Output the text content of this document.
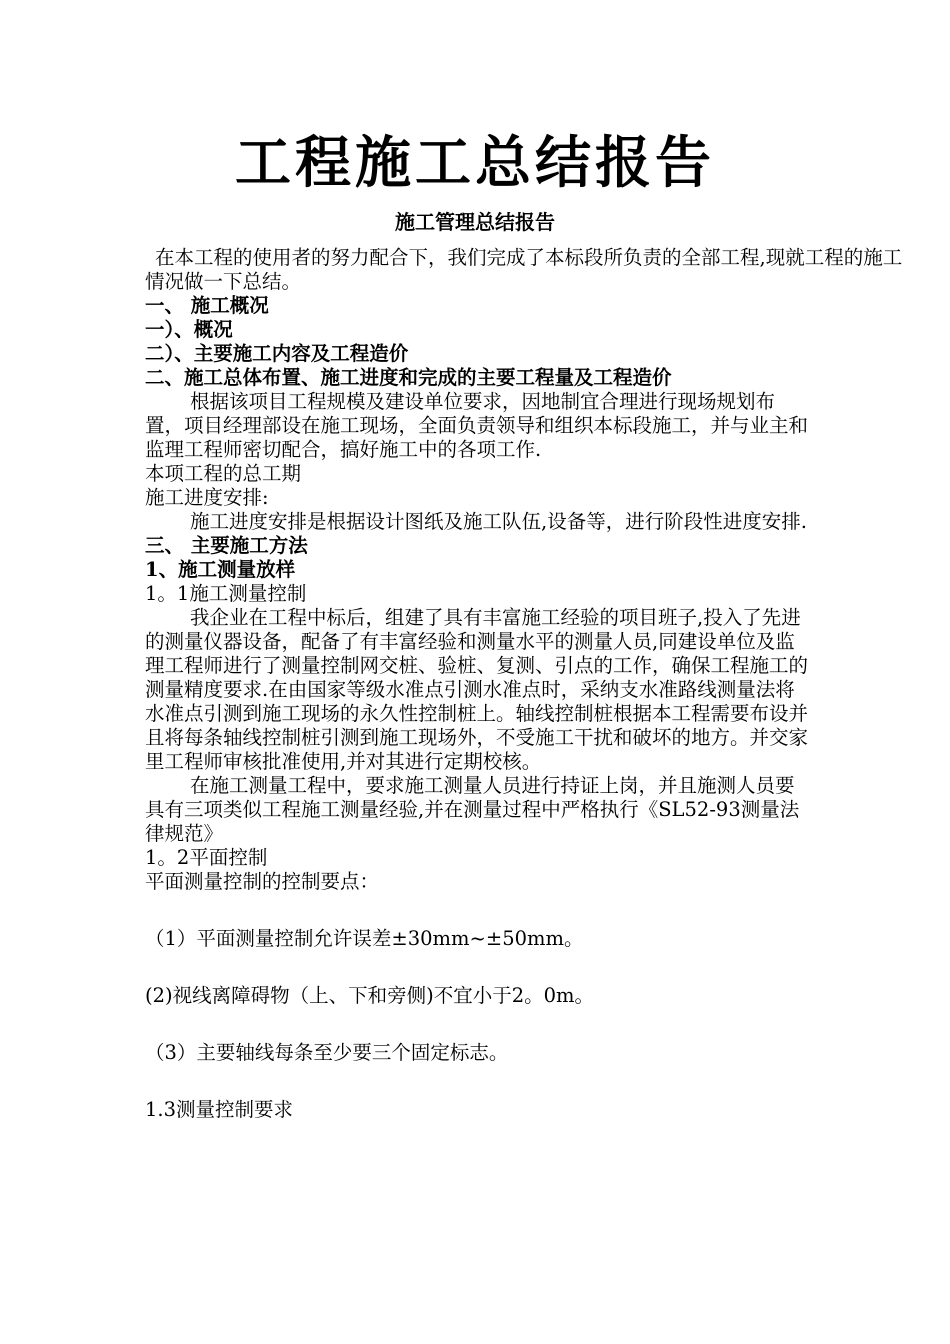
工程施工总结报告
施工管理总结报告

在本工程的使用者的努力配合下，我们完成了本标段所负责的全部工程,现就工程的施工情况做一下总结。

一、 施工概况

一）、概况

二）、主要施工内容及工程造价

二、施工总体布置、施工进度和完成的主要工程量及工程造价

根据该项目工程规模及建设单位要求，因地制宜合理进行现场规划布置，项目经理部设在施工现场，全面负责领导和组织本标段施工，并与业主和监理工程师密切配合，搞好施工中的各项工作.

本项工程的总工期

施工进度安排:

施工进度安排是根据设计图纸及施工队伍,设备等，进行阶段性进度安排.

三、 主要施工方法

1、施工测量放样

1。1施工测量控制

我企业在工程中标后，组建了具有丰富施工经验的项目班子,投入了先进的测量仪器设备，配备了有丰富经验和测量水平的测量人员,同建设单位及监理工程师进行了测量控制网交桩、验桩、复测、引点的工作，确保工程施工的测量精度要求.在由国家等级水准点引测水准点时，采纳支水准路线测量法将水准点引测到施工现场的永久性控制桩上。轴线控制桩根据本工程需要布设并且将每条轴线控制桩引测到施工现场外，不受施工干扰和破坏的地方。并交家里工程师审核批准使用,并对其进行定期校核。

在施工测量工程中，要求施工测量人员进行持证上岗，并且施测人员要具有三项类似工程施工测量经验,并在测量过程中严格执行《SL52-93测量法律规范》

1。2平面控制

平面测量控制的控制要点：

（1）平面测量控制允许误差±30mm~±50mm。

(2)视线离障碍物（上、下和旁侧)不宜小于2。0m。

（3）主要轴线每条至少要三个固定标志。

1.3测量控制要求
